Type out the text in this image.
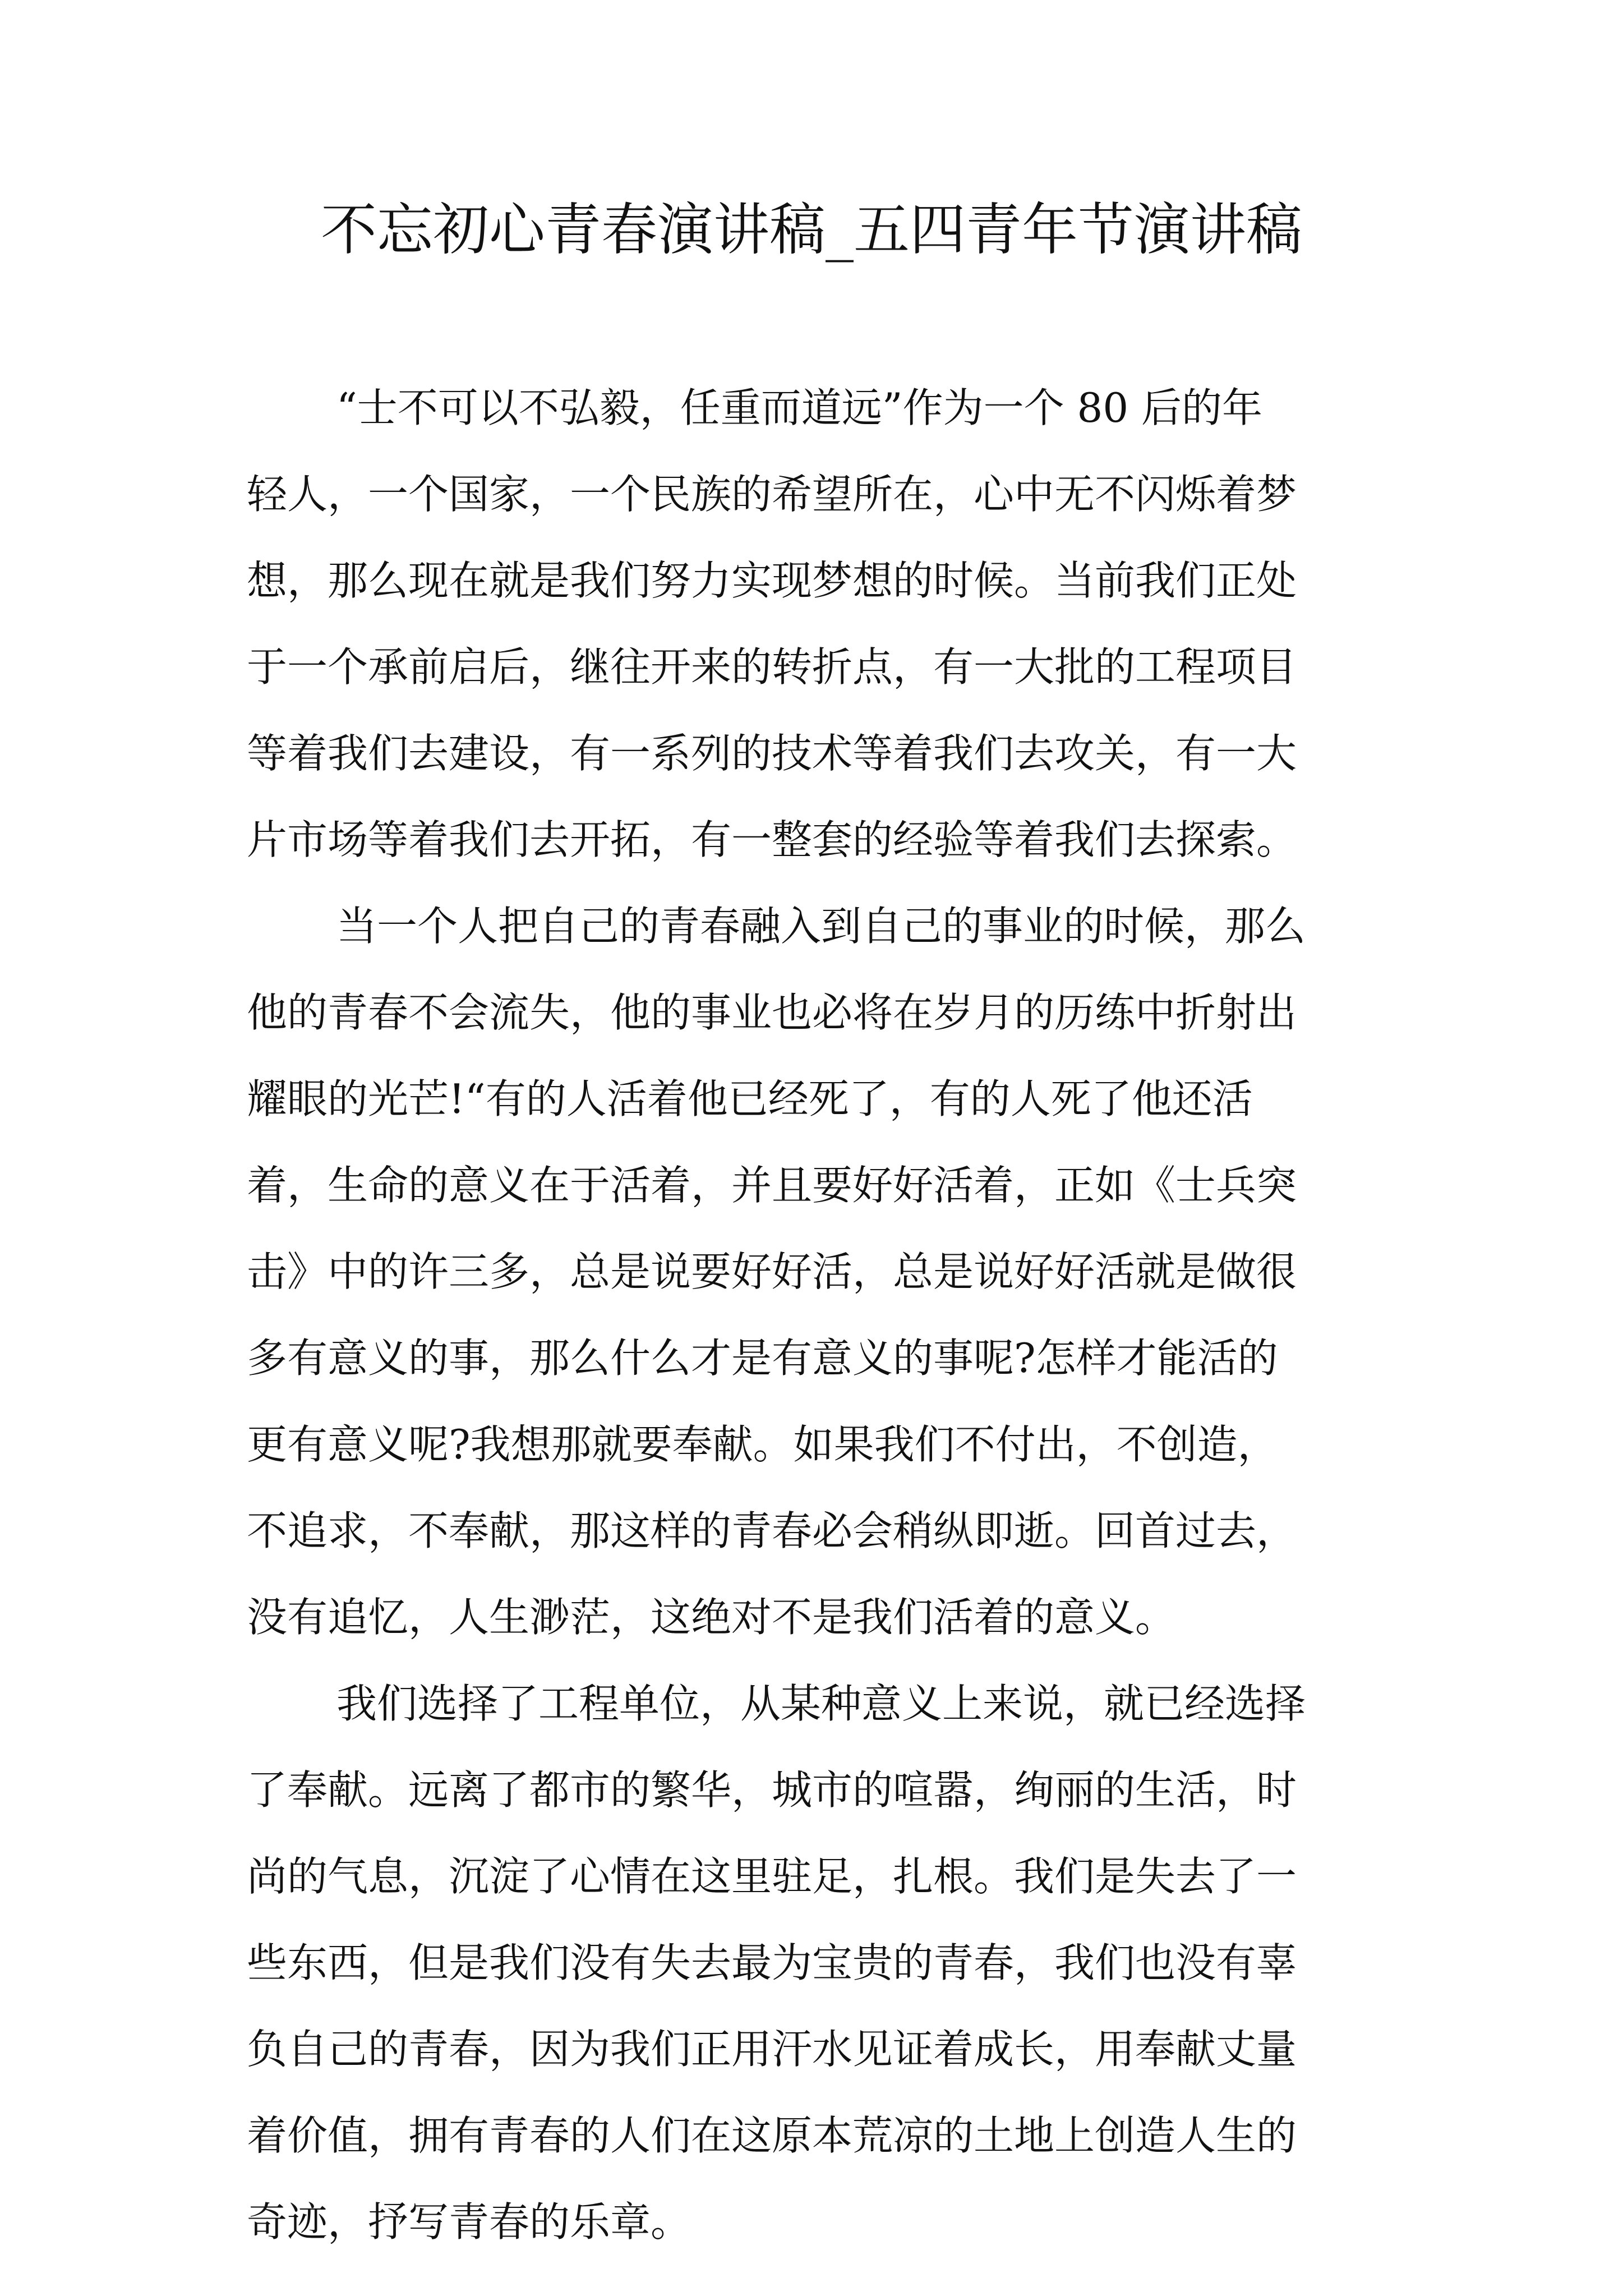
不忘初心青春演讲稿_五四青年节演讲稿
“士不可以不弘毅，任重而道远”作为一个 80 后的年
轻人，一个国家，一个民族的希望所在，心中无不闪烁着梦
想，那么现在就是我们努力实现梦想的时候。当前我们正处
于一个承前启后，继往开来的转折点，有一大批的工程项目
等着我们去建设，有一系列的技术等着我们去攻关，有一大
片市场等着我们去开拓，有一整套的经验等着我们去探索。
当一个人把自己的青春融入到自己的事业的时候，那么
他的青春不会流失，他的事业也必将在岁月的历练中折射出
耀眼的光芒!“有的人活着他已经死了，有的人死了他还活
着，生命的意义在于活着，并且要好好活着，正如《士兵突
击》中的许三多，总是说要好好活，总是说好好活就是做很
多有意义的事，那么什么才是有意义的事呢?怎样才能活的
更有意义呢?我想那就要奉献。如果我们不付出，不创造，
不追求，不奉献，那这样的青春必会稍纵即逝。回首过去，
没有追忆，人生渺茫，这绝对不是我们活着的意义。
我们选择了工程单位，从某种意义上来说，就已经选择
了奉献。远离了都市的繁华，城市的喧嚣，绚丽的生活，时
尚的气息，沉淀了心情在这里驻足，扎根。我们是失去了一
些东西，但是我们没有失去最为宝贵的青春，我们也没有辜
负自己的青春，因为我们正用汗水见证着成长，用奉献丈量
着价值，拥有青春的人们在这原本荒凉的土地上创造人生的
奇迹，抒写青春的乐章。
